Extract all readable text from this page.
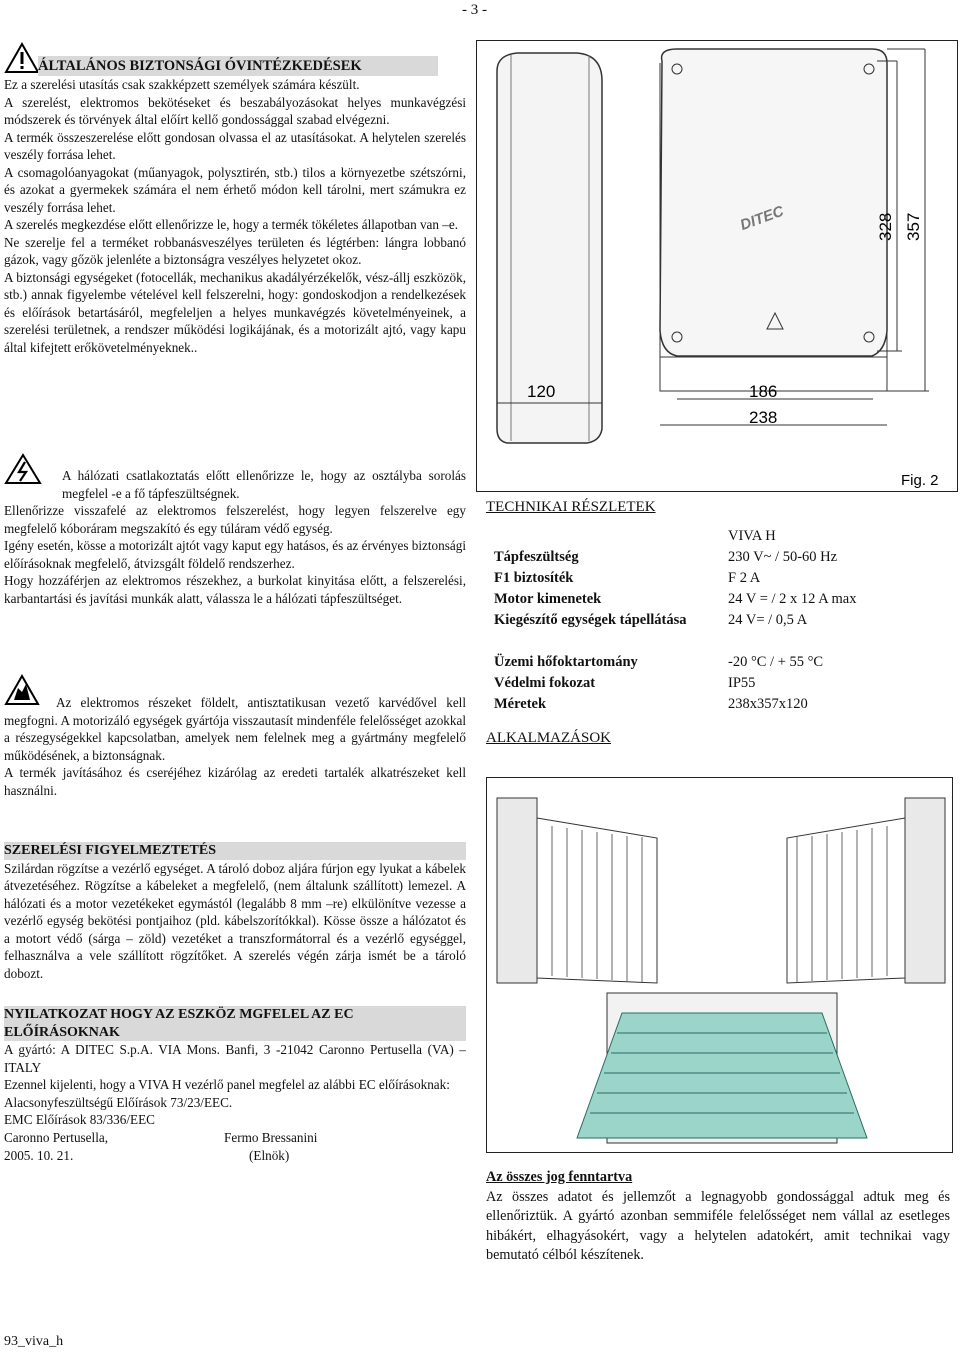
- 3 -
ÁLTALÁNOS BIZTONSÁGI ÓVINTÉZKEDÉSEK

Ez a szerelési utasítás csak szakképzett személyek számára készült.

A szerelést, elektromos bekötéseket és beszabályozásokat helyes munkavégzési módszerek és törvények által előírt kellő gondossággal szabad elvégezni.

A termék összeszerelése előtt gondosan olvassa el az utasításokat. A helytelen szerelés veszély forrása lehet.

A csomagolóanyagokat (műanyagok, polysztirén, stb.) tilos a környezetbe szétszórni, és azokat a gyermekek számára el nem érhető módon kell tárolni, mert számukra ez veszély forrása lehet.

A szerelés megkezdése előtt ellenőrizze le, hogy a termék tökéletes állapotban van –e.

Ne szerelje fel a terméket robbanásveszélyes területen és légtérben: lángra lobbanó gázok, vagy gőzök jelenléte a biztonságra veszélyes helyzetet okoz.

A biztonsági egységeket (fotocellák, mechanikus akadályérzékelők, vész-állj eszközök, stb.) annak figyelembe vételével kell felszerelni, hogy: gondoskodjon a rendelkezések és előírások betartásáról, megfeleljen a helyes munkavégzés követelményeinek, a szerelési területnek, a rendszer működési logikájának, és a motorizált ajtó, vagy kapu által kifejtett erőkövetelményeknek..

A hálózati csatlakoztatás előtt ellenőrizze le, hogy az osztályba sorolás megfelel -e a fő tápfeszültségnek.

Ellenőrizze visszafelé az elektromos felszerelést, hogy legyen felszerelve egy megfelelő kóboráram megszakító és egy túláram védő egység.

Igény esetén, kösse a motorizált ajtót vagy kaput egy hatásos, és az érvényes biztonsági előírásoknak megfelelő, átvizsgált földelő rendszerhez.

Hogy hozzáférjen az elektromos részekhez, a burkolat kinyitása előtt, a felszerelési, karbantartási és javítási munkák alatt, válassza le a hálózati tápfeszültséget.

Az elektromos részeket földelt, antisztatikusan vezető karvédővel kell megfogni. A motorizáló egységek gyártója visszautasít mindenféle felelősséget azokkal a részegységekkel kapcsolatban, amelyek nem felelnek meg a gyártmány megfelelő működésének, a biztonságnak.

A termék javításához és cseréjéhez kizárólag az eredeti tartalék alkatrészeket kell használni.

SZERELÉSI FIGYELMEZTETÉS

Szilárdan rögzítse a vezérlő egységet. A tároló doboz aljára fúrjon egy lyukat a kábelek átvezetéséhez. Rögzítse a kábeleket a megfelelő, (nem általunk szállított) lemezel. A hálózati és a motor vezetékeket egymástól (legalább 8 mm –re) elkülönítve vezesse a vezérlő egység bekötési pontjaihoz (pld. kábelszorítókkal). Kösse össze a hálózatot és a motort védő (sárga – zöld) vezetéket a transzformátorral és a vezérlő egységgel, felhasználva a vele szállított rögzítőket. A szerelés végén zárja ismét be a tároló dobozt.

NYILATKOZAT HOGY AZ ESZKÖZ MGFELEL AZ EC ELŐÍRÁSOKNAK

A gyártó: A DITEC S.p.A. VIA Mons. Banfi, 3 -21042 Caronno Pertusella (VA) – ITALY

Ezennel kijelenti, hogy a VIVA H vezérlő panel megfelel az alábbi EC előírásoknak:

Alacsonyfeszültségű Előírások 73/23/EEC.

EMC Előírások 83/336/EEC

Caronno Pertusella,	Fermo Bressanini
2005. 10. 21.	(Elnök)
120
DITEC	328 357
186
238
Fig. 2
TECHNIKAI RÉSZLETEK
	VIVA H
Tápfeszültség	230 V~ / 50-60 Hz
F1 biztosíték	F 2 A
Motor kimenetek	24 V = / 2 x 12 A max
Kiegészítő egységek tápellátása	24 V= / 0,5 A
Üzemi hőfoktartomány	-20 °C / + 55 °C
Védelmi fokozat	IP55
Méretek	238x357x120
ALKALMAZÁSOK
Az összes jog fenntartva

Az összes adatot és jellemzőt a legnagyobb gondossággal adtuk meg és ellenőriztük. A gyártó azonban semmiféle felelősséget nem vállal az esetleges hibákért, elhagyásokért, vagy a helytelen adatokért, amit technikai vagy bemutató célból készítenek.

93_viva_h
